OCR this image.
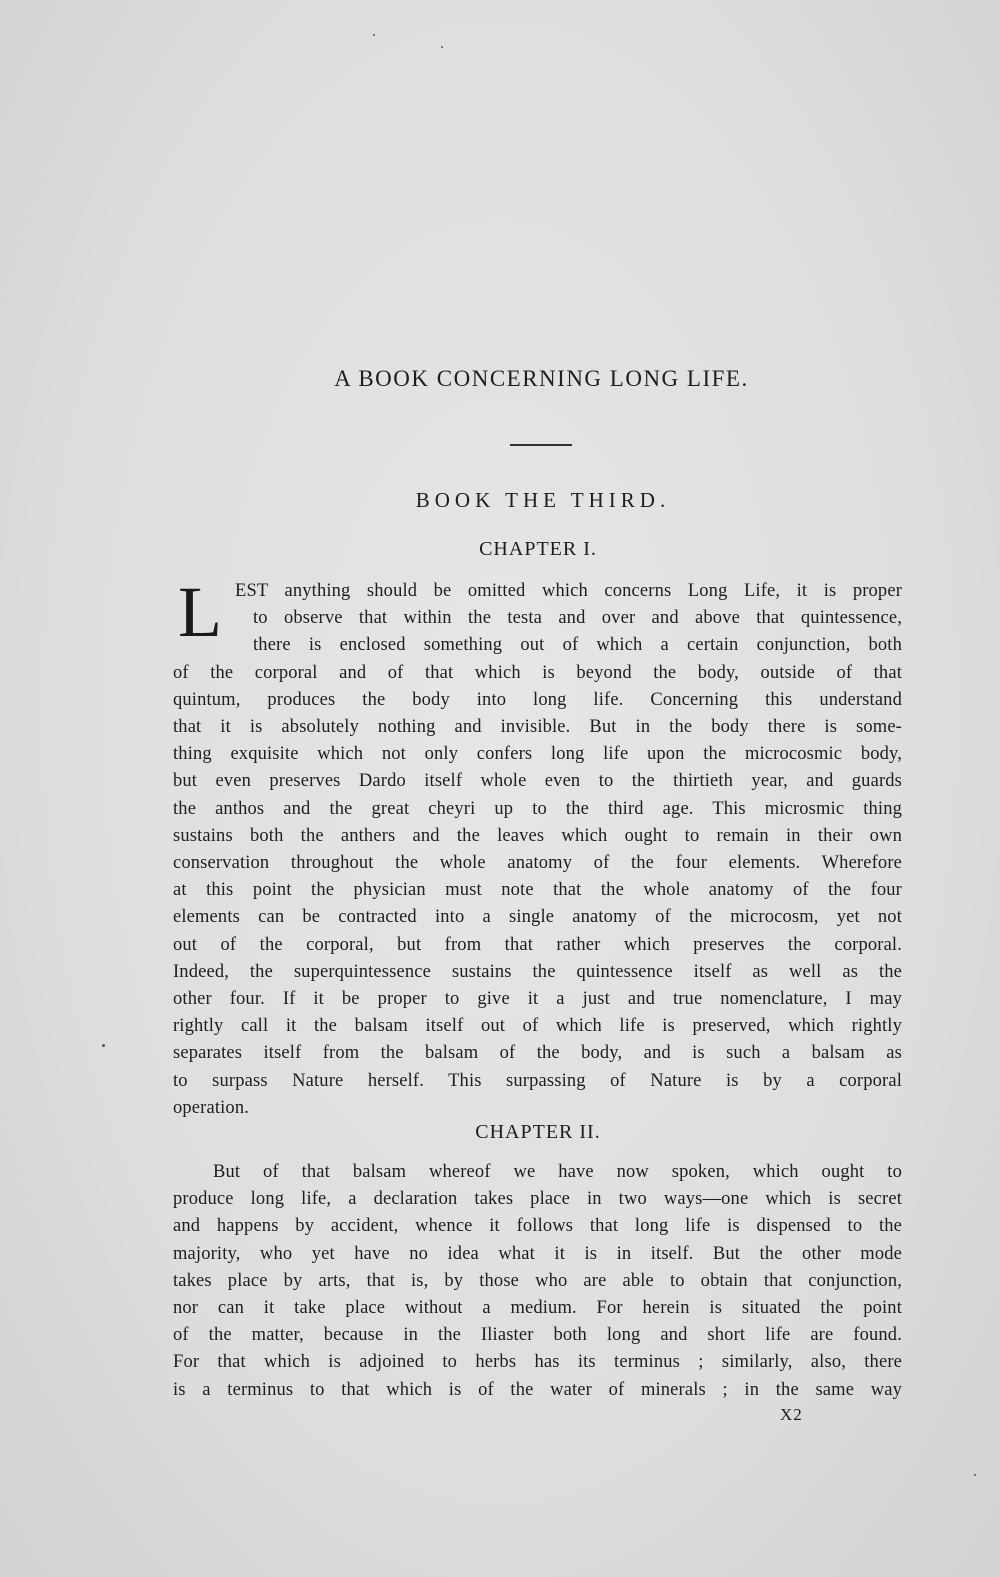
A BOOK CONCERNING LONG LIFE.
BOOK THE THIRD.
CHAPTER I.
L EST anything should be omitted which concerns Long Life, it is proper
to observe that within the testa and over and above that quintessence,
there is enclosed something out of which a certain conjunction, both
of the corporal and of that which is beyond the body, outside of that
quintum, produces the body into long life. Concerning this understand
that it is absolutely nothing and invisible. But in the body there is some-
thing exquisite which not only confers long life upon the microcosmic body,
but even preserves Dardo itself whole even to the thirtieth year, and guards
the anthos and the great cheyri up to the third age. This microsmic thing
sustains both the anthers and the leaves which ought to remain in their own
conservation throughout the whole anatomy of the four elements. Wherefore
at this point the physician must note that the whole anatomy of the four
elements can be contracted into a single anatomy of the microcosm, yet not
out of the corporal, but from that rather which preserves the corporal.
Indeed, the superquintessence sustains the quintessence itself as well as the
other four. If it be proper to give it a just and true nomenclature, I may
rightly call it the balsam itself out of which life is preserved, which rightly
separates itself from the balsam of the body, and is such a balsam as
to surpass Nature herself. This surpassing of Nature is by a corporal
operation.
CHAPTER II.
But of that balsam whereof we have now spoken, which ought to
produce long life, a declaration takes place in two ways—one which is secret
and happens by accident, whence it follows that long life is dispensed to the
majority, who yet have no idea what it is in itself. But the other mode
takes place by arts, that is, by those who are able to obtain that conjunction,
nor can it take place without a medium. For herein is situated the point
of the matter, because in the Iliaster both long and short life are found.
For that which is adjoined to herbs has its terminus ; similarly, also, there
is a terminus to that which is of the water of minerals ; in the same way
X2
